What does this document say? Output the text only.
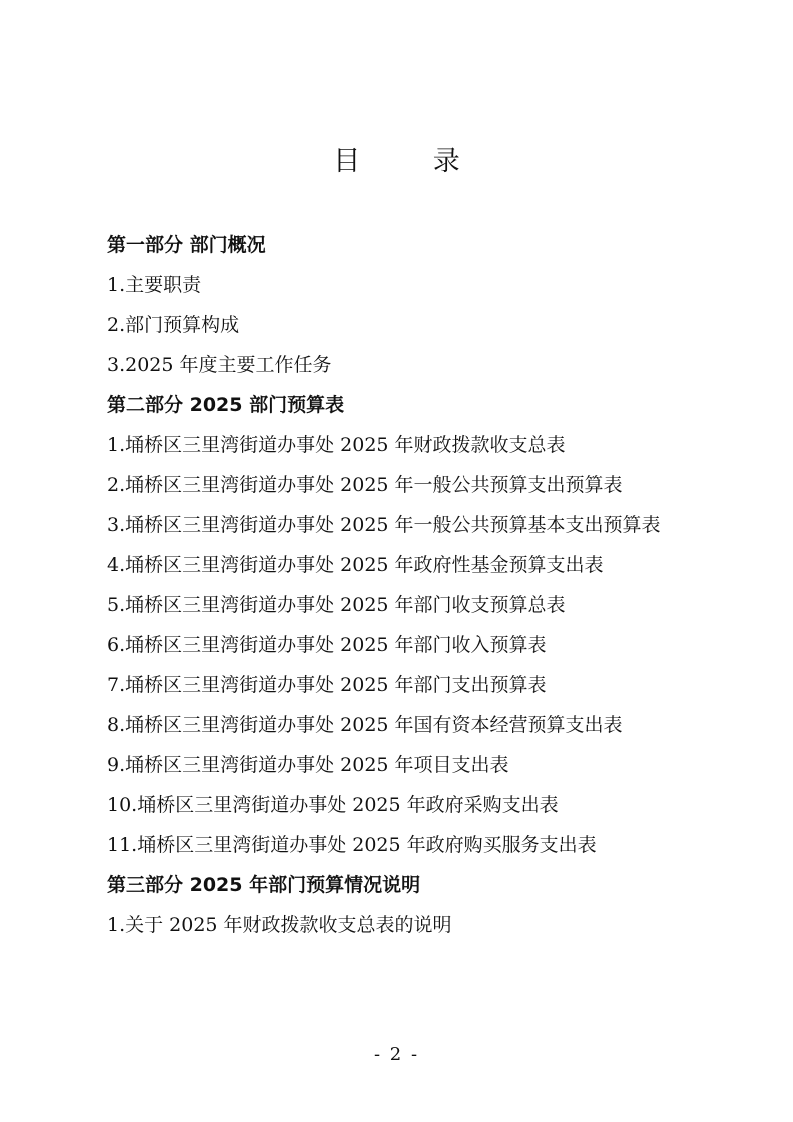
目 录
第一部分 部门概况
1.主要职责
2.部门预算构成
3.2025 年度主要工作任务
第二部分 2025 部门预算表
1.埇桥区三里湾街道办事处 2025 年财政拨款收支总表
2.埇桥区三里湾街道办事处 2025 年一般公共预算支出预算表
3.埇桥区三里湾街道办事处 2025 年一般公共预算基本支出预算表
4.埇桥区三里湾街道办事处 2025 年政府性基金预算支出表
5.埇桥区三里湾街道办事处 2025 年部门收支预算总表
6.埇桥区三里湾街道办事处 2025 年部门收入预算表
7.埇桥区三里湾街道办事处 2025 年部门支出预算表
8.埇桥区三里湾街道办事处 2025 年国有资本经营预算支出表
9.埇桥区三里湾街道办事处 2025 年项目支出表
10.埇桥区三里湾街道办事处 2025 年政府采购支出表
11.埇桥区三里湾街道办事处 2025 年政府购买服务支出表
第三部分 2025 年部门预算情况说明
1.关于 2025 年财政拨款收支总表的说明
- 2 -
